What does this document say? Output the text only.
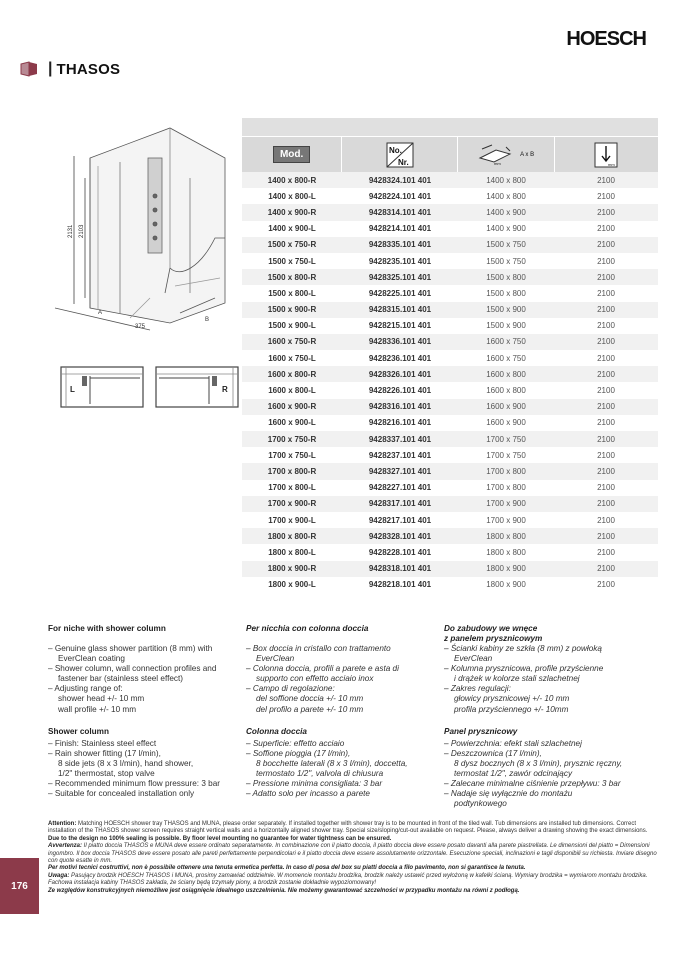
HOESCH
| THASOS
2131 2103
375
A
B
L	R
Mod.	No.
Nr.	mm
A x B
mm
1400 x 800-R	9428324.101 401	1400 x 800	2100
1400 x 800-L	9428224.101 401	1400 x 800	2100
1400 x 900-R	9428314.101 401	1400 x 900	2100
1400 x 900-L	9428214.101 401	1400 x 900	2100
1500 x 750-R	9428335.101 401	1500 x 750	2100
1500 x 750-L	9428235.101 401	1500 x 750	2100
1500 x 800-R	9428325.101 401	1500 x 800	2100
1500 x 800-L	9428225.101 401	1500 x 800	2100
1500 x 900-R	9428315.101 401	1500 x 900	2100
1500 x 900-L	9428215.101 401	1500 x 900	2100
1600 x 750-R	9428336.101 401	1600 x 750	2100
1600 x 750-L	9428236.101 401	1600 x 750	2100
1600 x 800-R	9428326.101 401	1600 x 800	2100
1600 x 800-L	9428226.101 401	1600 x 800	2100
1600 x 900-R	9428316.101 401	1600 x 900	2100
1600 x 900-L	9428216.101 401	1600 x 900	2100
1700 x 750-R	9428337.101 401	1700 x 750	2100
1700 x 750-L	9428237.101 401	1700 x 750	2100
1700 x 800-R	9428327.101 401	1700 x 800	2100
1700 x 800-L	9428227.101 401	1700 x 800	2100
1700 x 900-R	9428317.101 401	1700 x 900	2100
1700 x 900-L	9428217.101 401	1700 x 900	2100
1800 x 800-R	9428328.101 401	1800 x 800	2100
1800 x 800-L	9428228.101 401	1800 x 800	2100
1800 x 900-R	9428318.101 401	1800 x 900	2100
1800 x 900-L	9428218.101 401	1800 x 900	2100
For niche with shower column
– Genuine glass shower partition (8 mm) with
EverClean coating
– Shower column, wall connection profiles and
fastener bar (stainless steel effect)
– Adjusting range of:
shower head +/- 10 mm
wall profile +/- 10 mm
Shower column
– Finish: Stainless steel effect
– Rain shower fitting (17 l/min),
8 side jets (8 x 3 l/min), hand shower,
1/2" thermostat, stop valve
– Recommended minimum flow pressure: 3 bar
– Suitable for concealed installation only
Per nicchia con colonna doccia
– Box doccia in cristallo con trattamento
EverClean
– Colonna doccia, profili a parete e asta di
supporto con effetto acciaio inox
– Campo di regolazione:
del soffione doccia +/- 10 mm
del profilo a parete +/- 10 mm
Colonna doccia
– Superficie: effetto acciaio
– Soffione pioggia (17 l/min),
8 bocchette laterali (8 x 3 l/min), doccetta,
termostato 1/2", valvola di chiusura
– Pressione minima consigliata: 3 bar
– Adatto solo per incasso a parete
Do zabudowy we wnęce
z panelem prysznicowym
– Ścianki kabiny ze szkła (8 mm) z powłoką
EverClean
– Kolumna prysznicowa, profile przyścienne
i drążek w kolorze stali szlachetnej
– Zakres regulacji:
głowicy prysznicowej +/- 10 mm
profila przyściennego +/- 10mm
Panel prysznicowy
– Powierzchnia: efekt stali szlachetnej
– Deszczownica (17 l/min),
8 dysz bocznych (8 x 3 l/min), prysznic ręczny,
termostat 1/2", zawór odcinający
– Zalecane minimalne ciśnienie przepływu: 3 bar
– Nadaje się wyłącznie do montażu
podtynkowego

Attention: Matching HOESCH shower tray THASOS and MUNA, please order separately. If installed together with shower tray is to be mounted in front of the tiled wall. Tub dimensions are installed tub dimensions. Correct installation of the THASOS shower screen requires straight vertical walls and a horizontally aligned shower tray. Special size/sloping/cut-out available on request. Please, always deliver a drawing showing the exact dimensions.

Due to the design no 100% sealing is possible. By floor level mounting no guarantee for water tightness can be ensured.

Avvertenza: Il piatto doccia THASOS e MUNA deve essere ordinato separatamente. In combinazione con il piatto doccia, il piatto doccia deve essere posato davanti alla parete piastrellata. Le dimensioni del piatto = Dimensioni ingombro. Il box doccia THASOS deve essere posato alle pareti perfettamente perpendicolari e il piatto doccia deve essere assolutamente orizzontale. Esecuzione speciali, inclinazioni e tagli disponibili su richiesta. Inviare disegno con quote esatte in mm.

Per motivi tecnici costruttivi, non è possibile ottenere una tenuta ermetica perfetta. In caso di posa del box su piatti doccia a filo pavimento, non si garantisce la tenuta.

Uwaga: Pasujący brodzik HOESCH THASOS i MUNA, prosimy zamawiać oddzielnie. W momencie montażu brodzika, brodzik należy ustawić przed wyłożoną w kafelki ścianą. Wymiary brodzika = wymiarom montażu brodzika. Fachowa instalacja kabiny THASOS zakłada, że ściany będą trzymały piony, a brodzik zostanie dokładnie wypoziomowany!

Ze względów konstrukcyjnych niemożliwe jest osiągnięcie idealnego uszczelnienia. Nie możemy gwarantować szczelności w przypadku montażu na równi z podłogą.

176
